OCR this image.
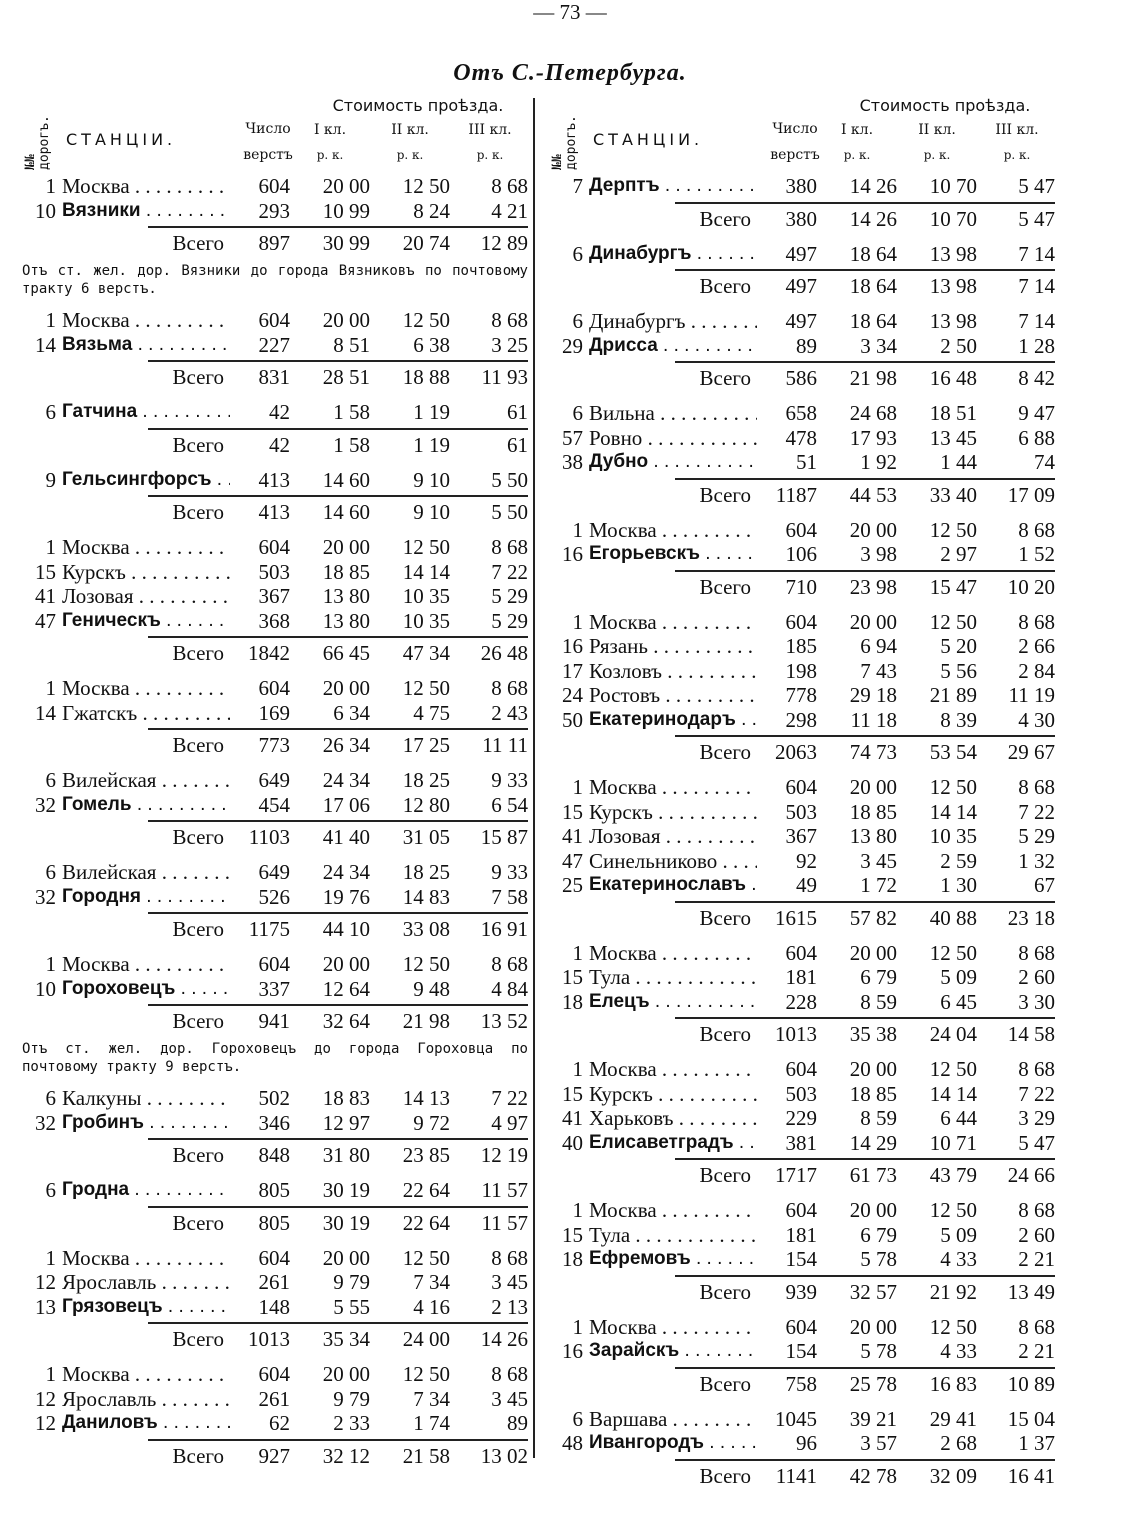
— 73 —
Отъ С.-Петербурга.
№№ дорогъ. СТАНЦIИ.
Число верстъ
Стоимость проѣзда.
I кл.
р. к.
II кл.
р. к.
III кл.
р. к.
1 Москва . . .	604	20 00	12 50	8 68
10 Вязники . . .	293	10 99	8 24	4 21
Всего	897	30 99	20 74	12 89
Отъ ст. жел. дор. Вязники до города Вязниковъ по почтовому тракту 6 верстъ.
1 Москва . . .	604	20 00	12 50	8 68
14 Вязьма . . .	227	8 51	6 38	3 25
Всего	831	28 51	18 88	11 93
6 Гатчина . . .	42	1 58	1 19	61
Всего	42	1 58	1 19	61
9 Гельсингфорсъ . . .	413	14 60	9 10	5 50
Всего	413	14 60	9 10	5 50
1 Москва . . .	604	20 00	12 50	8 68
15 Курскъ . . .	503	18 85	14 14	7 22
41 Лозовая . . .	367	13 80	10 35	5 29
47 Геническъ . . .	368	13 80	10 35	5 29
Всего	1842	66 45	47 34	26 48
1 Москва . . .	604	20 00	12 50	8 68
14 Гжатскъ . . .	169	6 34	4 75	2 43
Всего	773	26 34	17 25	11 11
6 Вилейская . . .	649	24 34	18 25	9 33
32 Гомель . . .	454	17 06	12 80	6 54
Всего	1103	41 40	31 05	15 87
6 Вилейская . . .	649	24 34	18 25	9 33
32 Городня . . .	526	19 76	14 83	7 58
Всего	1175	44 10	33 08	16 91
1 Москва . . .	604	20 00	12 50	8 68
10 Гороховецъ . . .	337	12 64	9 48	4 84
Всего	941	32 64	21 98	13 52
Отъ ст. жел. дор. Гороховецъ до города Гороховца по почтовому тракту 9 верстъ.
6 Калкуны . . .	502	18 83	14 13	7 22
32 Гробинъ . . .	346	12 97	9 72	4 97
Всего	848	31 80	23 85	12 19
6 Гродна . . .	805	30 19	22 64	11 57
Всего	805	30 19	22 64	11 57
1 Москва . . .	604	20 00	12 50	8 68
12 Ярославль . . .	261	9 79	7 34	3 45
13 Грязовецъ . . .	148	5 55	4 16	2 13
Всего	1013	35 34	24 00	14 26
1 Москва . . .	604	20 00	12 50	8 68
12 Ярославль . . .	261	9 79	7 34	3 45
12 Даниловъ . . .	62	2 33	1 74	89
Всего	927	32 12	21 58	13 02
№№ дорогъ. СТАНЦIИ.
Число верстъ
Стоимость проѣзда.
I кл.
р. к.
II кл.
р. к.
III кл.
р. к.
7 Дерптъ . . .	380	14 26	10 70	5 47
Всего	380	14 26	10 70	5 47
6 Динабургъ . . .	497	18 64	13 98	7 14
Всего	497	18 64	13 98	7 14
6 Динабургъ . . .	497	18 64	13 98	7 14
29 Дрисса . . .	89	3 34	2 50	1 28
Всего	586	21 98	16 48	8 42
6 Вильна . . .	658	24 68	18 51	9 47
57 Ровно . . .	478	17 93	13 45	6 88
38 Дубно . . .	51	1 92	1 44	74
Всего	1187	44 53	33 40	17 09
1 Москва . . .	604	20 00	12 50	8 68
16 Егорьевскъ . . .	106	3 98	2 97	1 52
Всего	710	23 98	15 47	10 20
1 Москва . . .	604	20 00	12 50	8 68
16 Рязань . . .	185	6 94	5 20	2 66
17 Козловъ . . .	198	7 43	5 56	2 84
24 Ростовъ . . .	778	29 18	21 89	11 19
50 Екатеринодаръ . . .	298	11 18	8 39	4 30
Всего	2063	74 73	53 54	29 67
1 Москва . . .	604	20 00	12 50	8 68
15 Курскъ . . .	503	18 85	14 14	7 22
41 Лозовая . . .	367	13 80	10 35	5 29
47 Синельниково . . .	92	3 45	2 59	1 32
25 Екатеринославъ . . .	49	1 72	1 30	67
Всего	1615	57 82	40 88	23 18
1 Москва . . .	604	20 00	12 50	8 68
15 Тула . . .	181	6 79	5 09	2 60
18 Елецъ . . .	228	8 59	6 45	3 30
Всего	1013	35 38	24 04	14 58
1 Москва . . .	604	20 00	12 50	8 68
15 Курскъ . . .	503	18 85	14 14	7 22
41 Харьковъ . . .	229	8 59	6 44	3 29
40 Елисаветградъ . . .	381	14 29	10 71	5 47
Всего	1717	61 73	43 79	24 66
1 Москва . . .	604	20 00	12 50	8 68
15 Тула . . .	181	6 79	5 09	2 60
18 Ефремовъ . . .	154	5 78	4 33	2 21
Всего	939	32 57	21 92	13 49
1 Москва . . .	604	20 00	12 50	8 68
16 Зарайскъ . . .	154	5 78	4 33	2 21
Всего	758	25 78	16 83	10 89
6 Варшава . . .	1045	39 21	29 41	15 04
48 Ивангородъ . . .	96	3 57	2 68	1 37
Всего	1141	42 78	32 09	16 41
